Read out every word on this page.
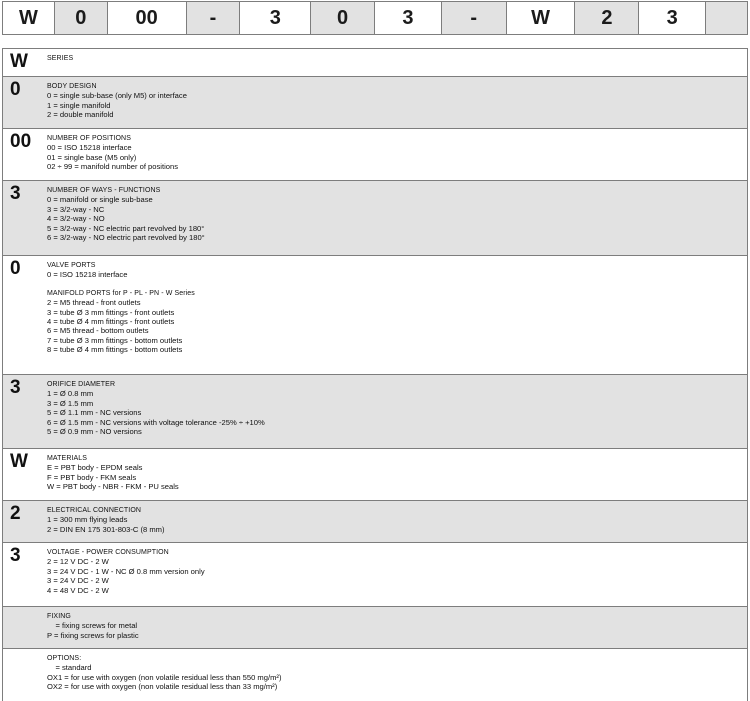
W	0	00	-	3	0	3	-	W	2	3
W	SERIES
0	BODY DESIGN
0 = single sub-base (only M5) or interface
1 = single manifold
2 = double manifold
00	NUMBER OF POSITIONS
00 = ISO 15218 interface
01 = single base (M5 only)
02 ÷ 99 = manifold number of positions
3	NUMBER OF WAYS - FUNCTIONS
0 = manifold or single sub-base
3 = 3/2-way - NC
4 = 3/2-way - NO
5 = 3/2-way - NC electric part revolved by 180°
6 = 3/2-way - NO electric part revolved by 180°
0	VALVE PORTS
0 = ISO 15218 interface
MANIFOLD PORTS for P - PL - PN - W Series
2 = M5 thread - front outlets
3 = tube Ø 3 mm fittings - front outlets
4 = tube Ø 4 mm fittings - front outlets
6 = M5 thread - bottom outlets
7 = tube Ø 3 mm fittings - bottom outlets
8 = tube Ø 4 mm fittings - bottom outlets
3	ORIFICE DIAMETER
1 = Ø 0.8 mm
3 = Ø 1.5 mm
5 = Ø 1.1 mm - NC versions
6 = Ø 1.5 mm - NC versions with voltage tolerance -25% ÷ +10%
5 = Ø 0.9 mm - NO versions
W	MATERIALS
E = PBT body - EPDM seals
F = PBT body - FKM seals
W = PBT body - NBR - FKM - PU seals
2	ELECTRICAL CONNECTION
1 = 300 mm flying leads
2 = DIN EN 175 301-803-C (8 mm)
3	VOLTAGE - POWER CONSUMPTION
2 = 12 V DC - 2 W
3 = 24 V DC - 1 W - NC Ø 0.8 mm version only
3 = 24 V DC - 2 W
4 = 48 V DC - 2 W
FIXING
= fixing screws for metal
P = fixing screws for plastic
OPTIONS:
= standard
OX1 = for use with oxygen (non volatile residual less than 550 mg/m²)
OX2 = for use with oxygen (non volatile residual less than 33 mg/m²)
